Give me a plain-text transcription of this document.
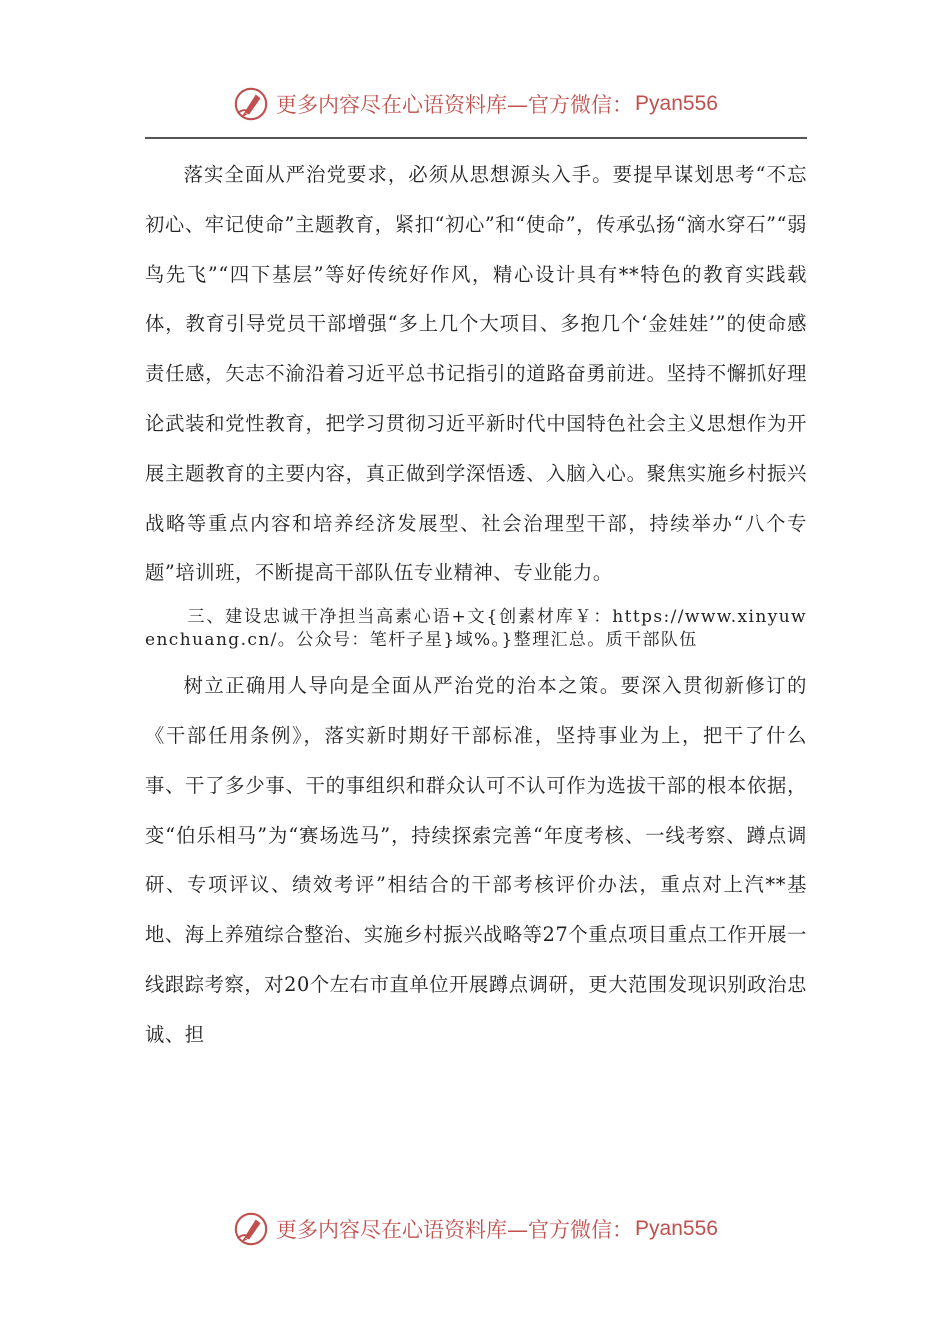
更多内容尽在心语资料库—官方微信： Pyan556

落实全面从严治党要求，必须从思想源头入手。要提早谋划思考“不忘初心、牢记使命”主题教育，紧扣“初心”和“使命”，传承弘扬“滴水穿石”“弱鸟先飞”“四下基层”等好传统好作风，精心设计具有**特色的教育实践载体，教育引导党员干部增强“多上几个大项目、多抱几个‘金娃娃’”的使命感责任感，矢志不渝沿着习近平总书记指引的道路奋勇前进。坚持不懈抓好理论武装和党性教育，把学习贯彻习近平新时代中国特色社会主义思想作为开展主题教育的主要内容，真正做到学深悟透、入脑入心。聚焦实施乡村振兴战略等重点内容和培养经济发展型、社会治理型干部，持续举办“八个专题”培训班，不断提高干部队伍专业精神、专业能力。

三、建设忠诚干净担当高素心语+文{创素材库￥：https://www.xinyuwenchuang.cn/。公众号：笔杆子星}域%。}整理汇总。质干部队伍

树立正确用人导向是全面从严治党的治本之策。要深入贯彻新修订的《干部任用条例》，落实新时期好干部标准，坚持事业为上，把干了什么事、干了多少事、干的事组织和群众认可不认可作为选拔干部的根本依据，变“伯乐相马”为“赛场选马”，持续探索完善“年度考核、一线考察、蹲点调研、专项评议、绩效考评”相结合的干部考核评价办法，重点对上汽**基地、海上养殖综合整治、实施乡村振兴战略等27个重点项目重点工作开展一线跟踪考察，对20个左右市直单位开展蹲点调研，更大范围发现识别政治忠诚、担

更多内容尽在心语资料库—官方微信： Pyan556
